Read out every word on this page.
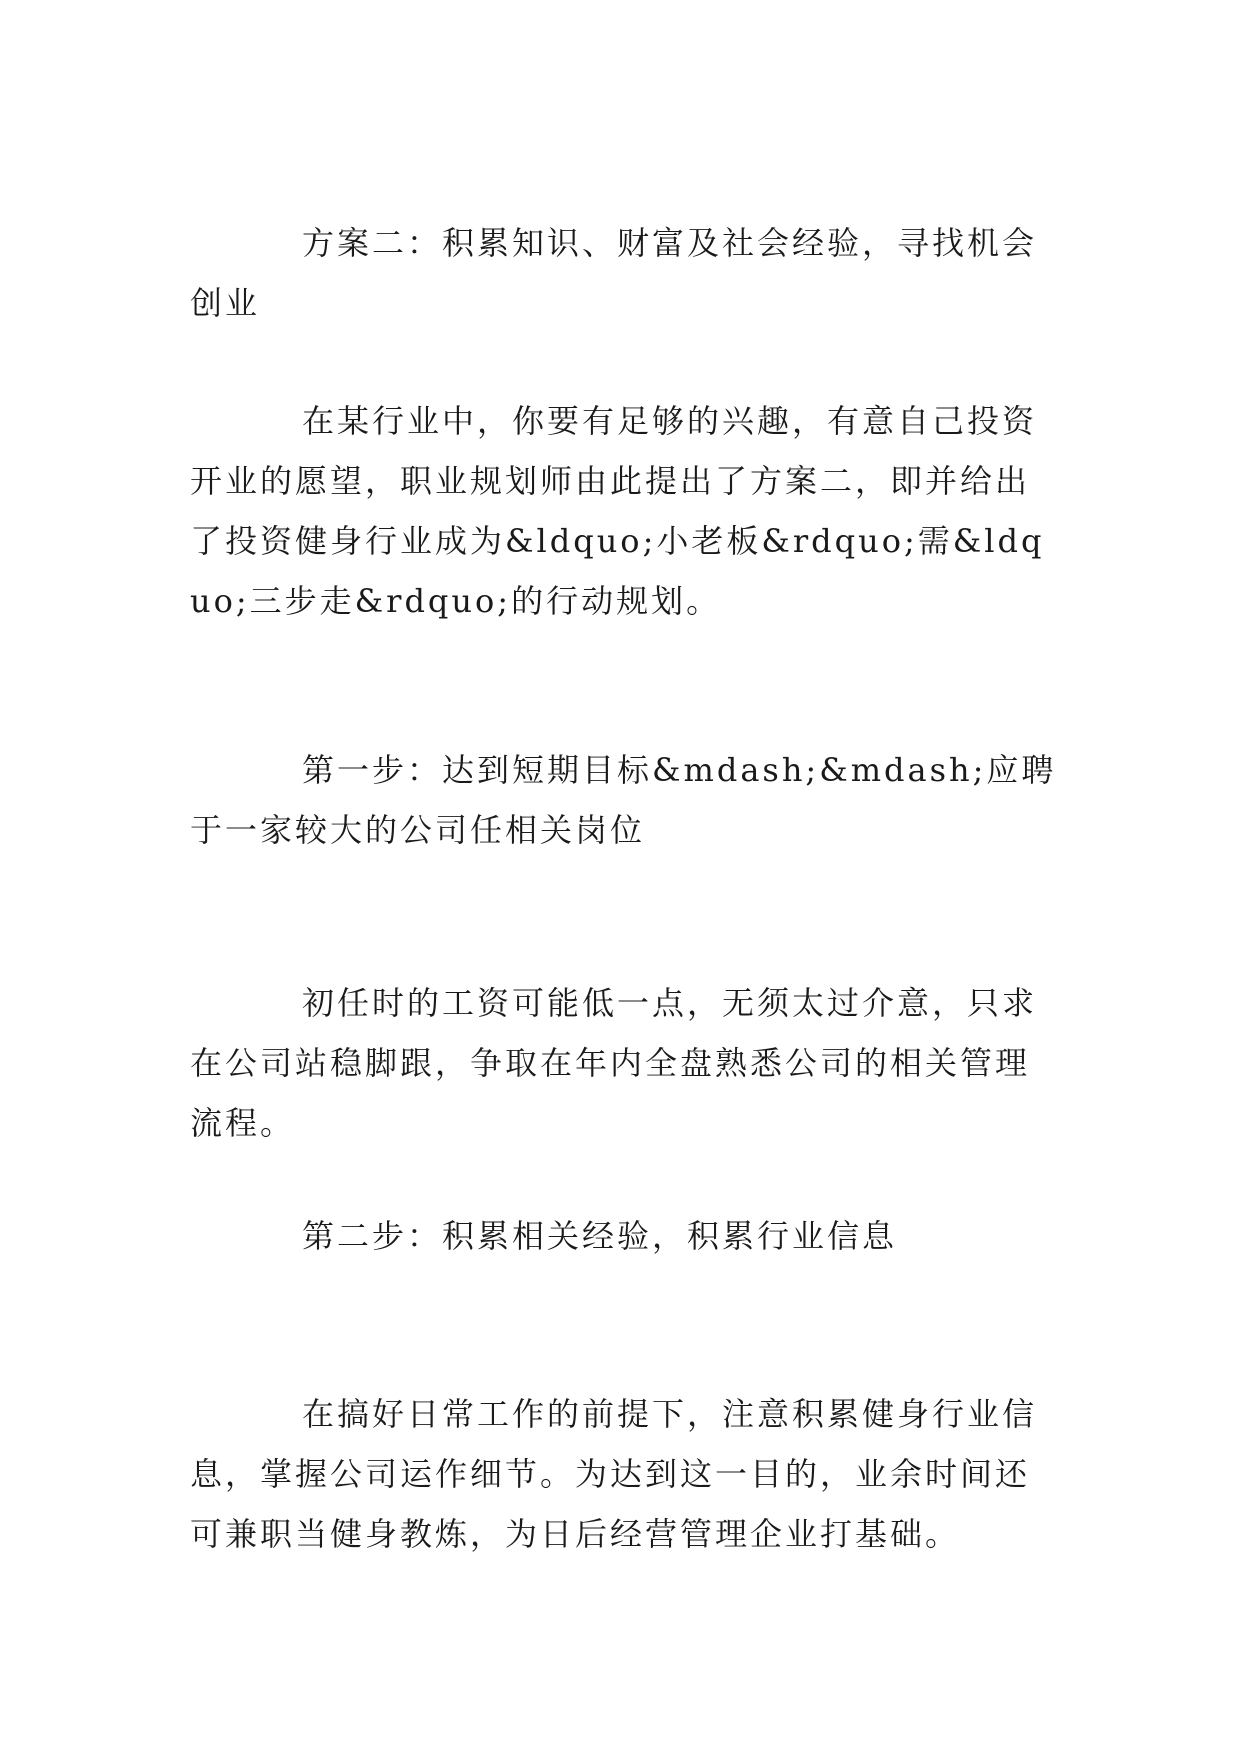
方案二：积累知识、财富及社会经验，寻找机会创业

在某行业中，你要有足够的兴趣，有意自己投资开业的愿望，职业规划师由此提出了方案二，即并给出了投资健身行业成为&ldquo;小老板&rdquo;需&ldquo;三步走&rdquo;的行动规划。

第一步：达到短期目标&mdash;&mdash;应聘于一家较大的公司任相关岗位

初任时的工资可能低一点，无须太过介意，只求在公司站稳脚跟，争取在年内全盘熟悉公司的相关管理流程。

第二步：积累相关经验，积累行业信息

在搞好日常工作的前提下，注意积累健身行业信息，掌握公司运作细节。为达到这一目的，业余时间还可兼职当健身教炼，为日后经营管理企业打基础。
